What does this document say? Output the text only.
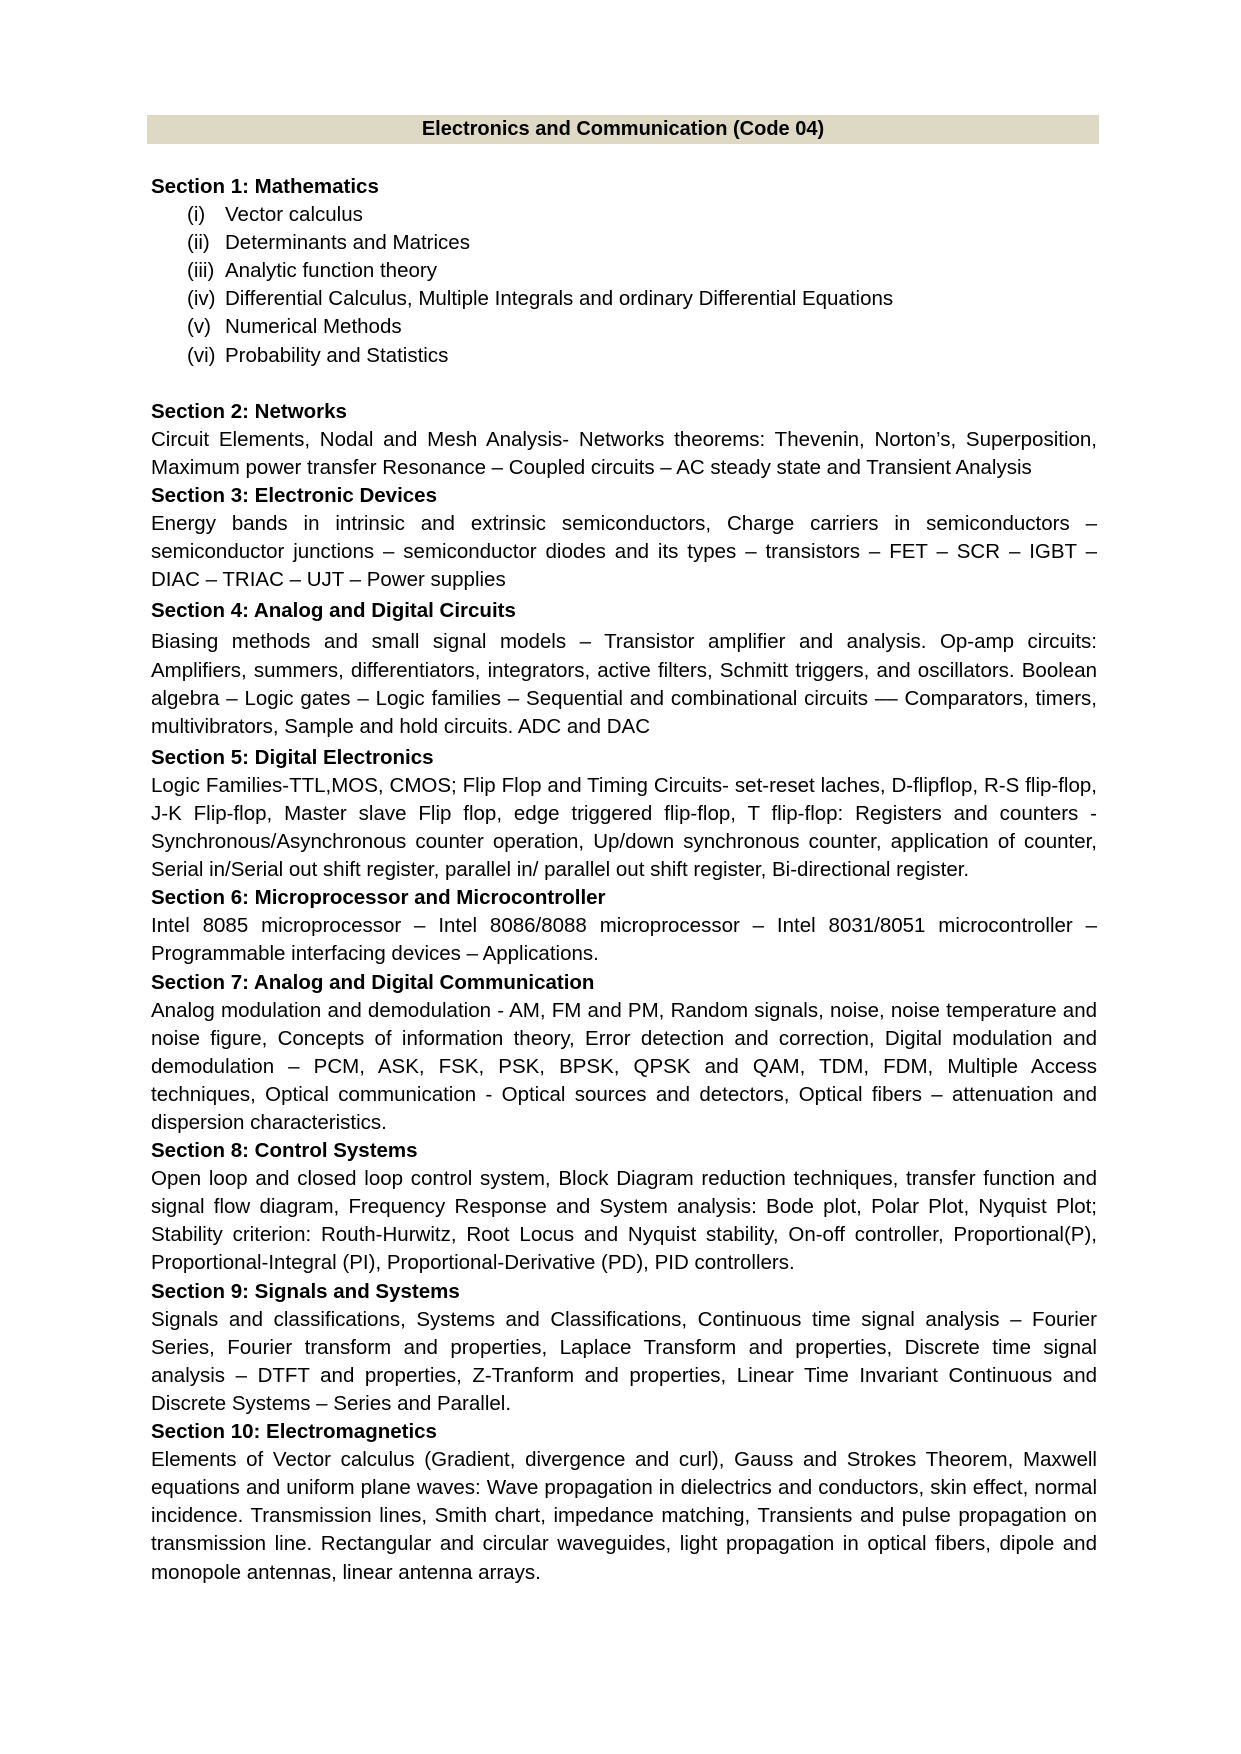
Electronics and Communication (Code 04)
Section 1: Mathematics
(i) Vector calculus
(ii) Determinants and Matrices
(iii) Analytic function theory
(iv) Differential Calculus, Multiple Integrals and ordinary Differential Equations
(v) Numerical Methods
(vi) Probability and Statistics
Section 2: Networks

Circuit Elements, Nodal and Mesh Analysis- Networks theorems: Thevenin, Norton’s, Superposition, Maximum power transfer Resonance – Coupled circuits – AC steady state and Transient Analysis

Section 3: Electronic Devices

Energy bands in intrinsic and extrinsic semiconductors, Charge carriers in semiconductors – semiconductor junctions – semiconductor diodes and its types – transistors – FET – SCR – IGBT – DIAC – TRIAC – UJT – Power supplies

Section 4: Analog and Digital Circuits

Biasing methods and small signal models – Transistor amplifier and analysis. Op-amp circuits: Amplifiers, summers, differentiators, integrators, active filters, Schmitt triggers, and oscillators. Boolean algebra – Logic gates – Logic families – Sequential and combinational circuits –– Comparators, timers, multivibrators, Sample and hold circuits. ADC and DAC

Section 5: Digital Electronics

Logic Families-TTL,MOS, CMOS; Flip Flop and Timing Circuits- set-reset laches, D-flipflop, R-S flip-flop, J-K Flip-flop, Master slave Flip flop, edge triggered flip-flop, T flip-flop: Registers and counters - Synchronous/Asynchronous counter operation, Up/down synchronous counter, application of counter, Serial in/Serial out shift register, parallel in/ parallel out shift register, Bi-directional register.

Section 6: Microprocessor and Microcontroller

Intel 8085 microprocessor – Intel 8086/8088 microprocessor – Intel 8031/8051 microcontroller – Programmable interfacing devices – Applications.

Section 7: Analog and Digital Communication

Analog modulation and demodulation - AM, FM and PM, Random signals, noise, noise temperature and noise figure, Concepts of information theory, Error detection and correction, Digital modulation and demodulation – PCM, ASK, FSK, PSK, BPSK, QPSK and QAM, TDM, FDM, Multiple Access techniques, Optical communication - Optical sources and detectors, Optical fibers – attenuation and dispersion characteristics.

Section 8: Control Systems

Open loop and closed loop control system, Block Diagram reduction techniques, transfer function and signal flow diagram, Frequency Response and System analysis: Bode plot, Polar Plot, Nyquist Plot; Stability criterion: Routh-Hurwitz, Root Locus and Nyquist stability, On-off controller, Proportional(P), Proportional-Integral (PI), Proportional-Derivative (PD), PID controllers.

Section 9: Signals and Systems

Signals and classifications, Systems and Classifications, Continuous time signal analysis – Fourier Series, Fourier transform and properties, Laplace Transform and properties, Discrete time signal analysis – DTFT and properties, Z-Tranform and properties, Linear Time Invariant Continuous and Discrete Systems – Series and Parallel.

Section 10: Electromagnetics

Elements of Vector calculus (Gradient, divergence and curl), Gauss and Strokes Theorem, Maxwell equations and uniform plane waves: Wave propagation in dielectrics and conductors, skin effect, normal incidence. Transmission lines, Smith chart, impedance matching, Transients and pulse propagation on transmission line. Rectangular and circular waveguides, light propagation in optical fibers, dipole and monopole antennas, linear antenna arrays.
